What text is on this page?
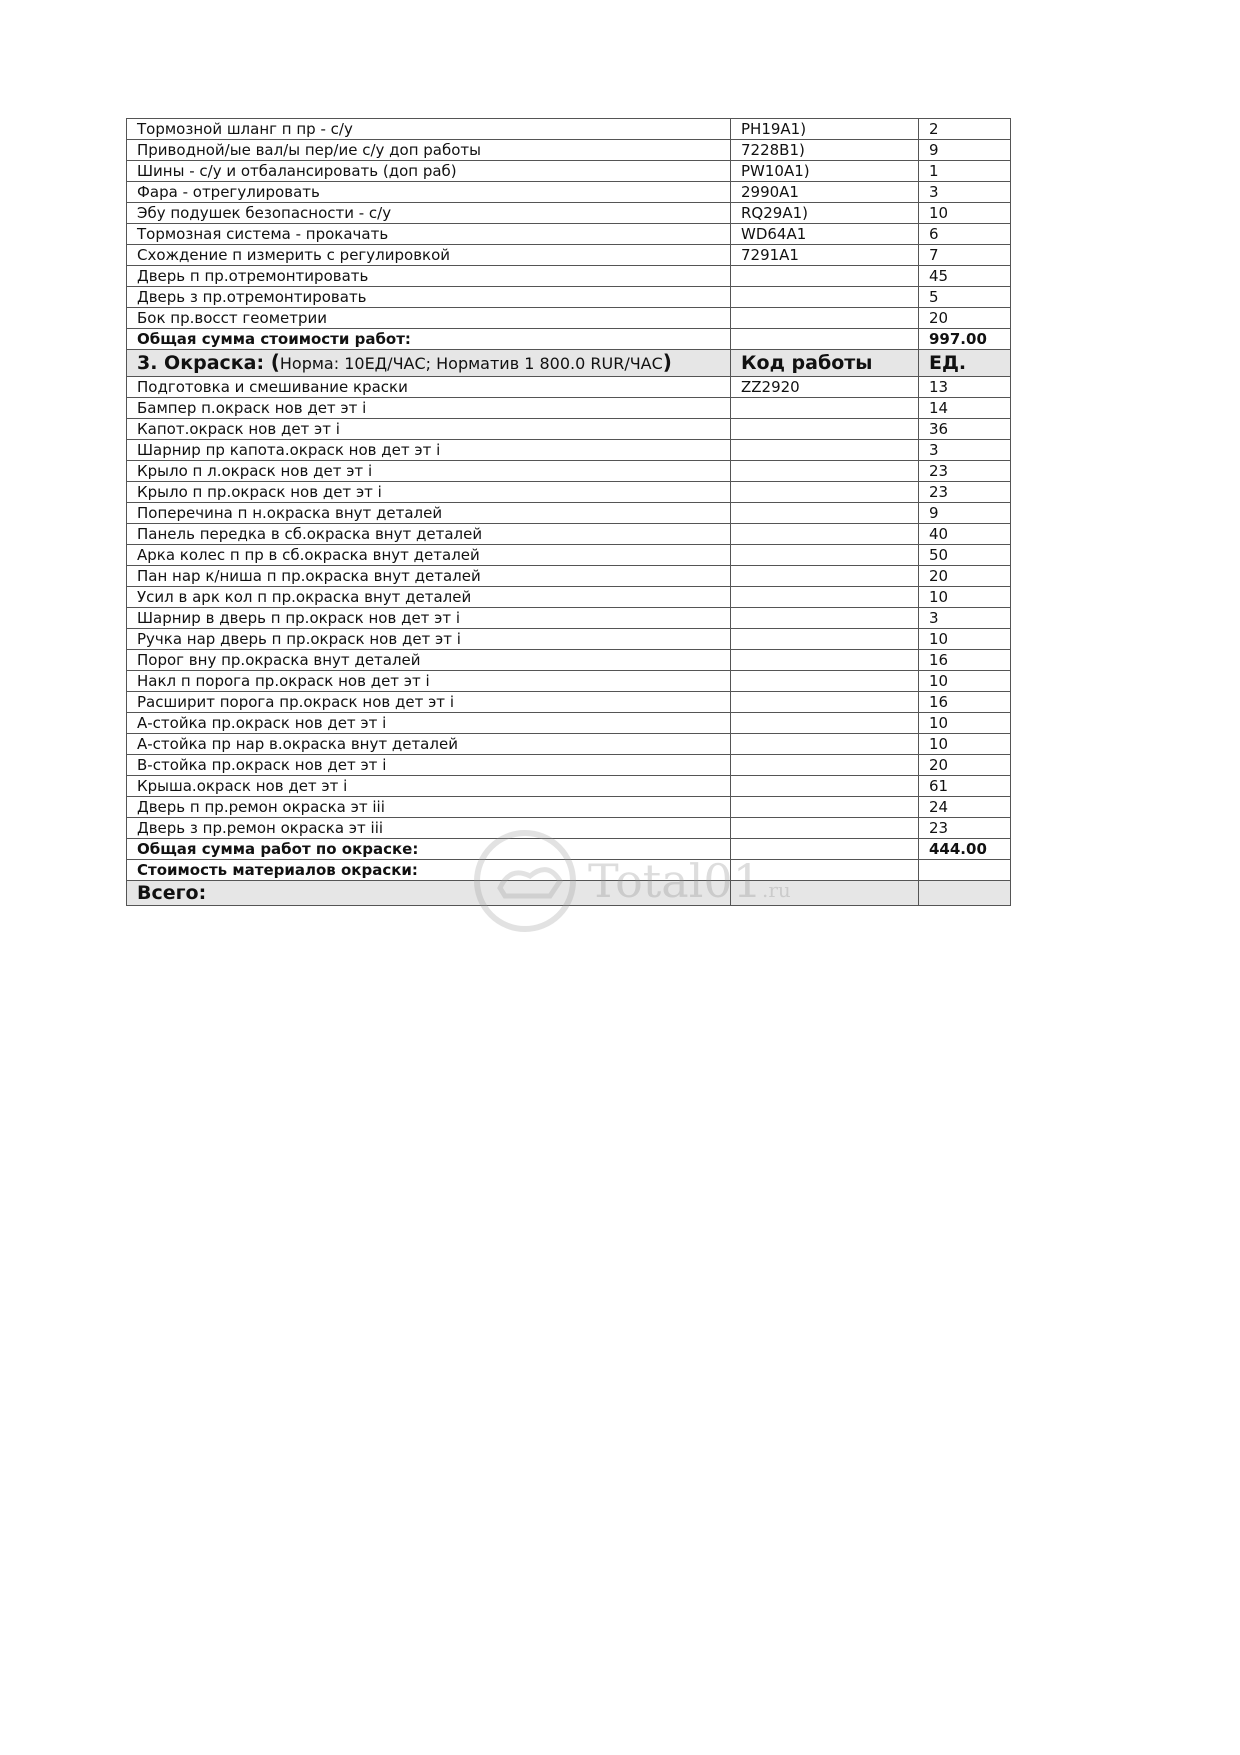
Тормозной шланг п пр - с/у	PH19A1)	2
Приводной/ые вал/ы пер/ие с/у доп работы	7228B1)	9
Шины - с/у и отбалансировать (доп раб)	PW10A1)	1
Фара - отрегулировать	2990A1	3
Эбу подушек безопасности - с/у	RQ29A1)	10
Тормозная система - прокачать	WD64A1	6
Схождение п измерить с регулировкой	7291A1	7
Дверь п пр.отремонтировать		45
Дверь з пр.отремонтировать		5
Бок пр.восст геометрии		20
Общая сумма стоимости работ:		997.00
3. Окраска: (Норма: 10ЕД/ЧАС; Норматив 1 800.0 RUR/ЧАС)	Код работы	ЕД.
Подготовка и смешивание краски	ZZ2920	13
Бампер п.окраск нов дет эт i		14
Капот.окраск нов дет эт i		36
Шарнир пр капота.окраск нов дет эт i		3
Крыло п л.окраск нов дет эт i		23
Крыло п пр.окраск нов дет эт i		23
Поперечина п н.окраска внут деталей		9
Панель передка в сб.окраска внут деталей		40
Арка колес п пр в сб.окраска внут деталей		50
Пан нар к/ниша п пр.окраска внут деталей		20
Усил в арк кол п пр.окраска внут деталей		10
Шарнир в дверь п пр.окраск нов дет эт i		3
Ручка нар дверь п пр.окраск нов дет эт i		10
Порог вну пр.окраска внут деталей		16
Накл п порога пр.окраск нов дет эт i		10
Расширит порога пр.окраск нов дет эт i		16
А-стойка пр.окраск нов дет эт i		10
А-стойка пр нар в.окраска внут деталей		10
В-стойка пр.окраск нов дет эт i		20
Крыша.окраск нов дет эт i		61
Дверь п пр.ремон окраска эт iii		24
Дверь з пр.ремон окраска эт iii		23
Общая сумма работ по окраске:		444.00
Стоимость материалов окраски:		
Всего:			Total01.ru
